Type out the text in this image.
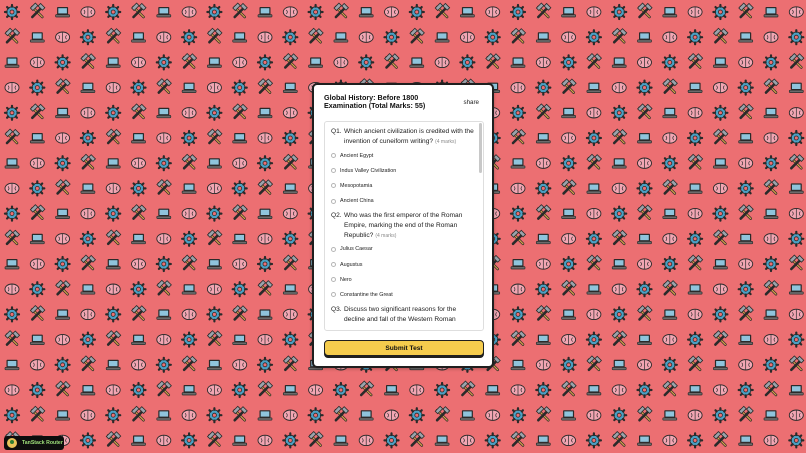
Global History: Before 1800 Examination (Total Marks: 55)	share
Q1. Which ancient civilization is credited with the invention of cuneiform writing? (4 marks)
Ancient Egypt
Indus Valley Civilization
Mesopotamia
Ancient China
Q2. Who was the first emperor of the Roman Empire, marking the end of the Roman Republic? (4 marks)
Julius Caesar
Augustus
Nero
Constantine the Great
Q3. Discuss two significant reasons for the decline and fall of the Western Roman
Submit Test
TanStack Router
